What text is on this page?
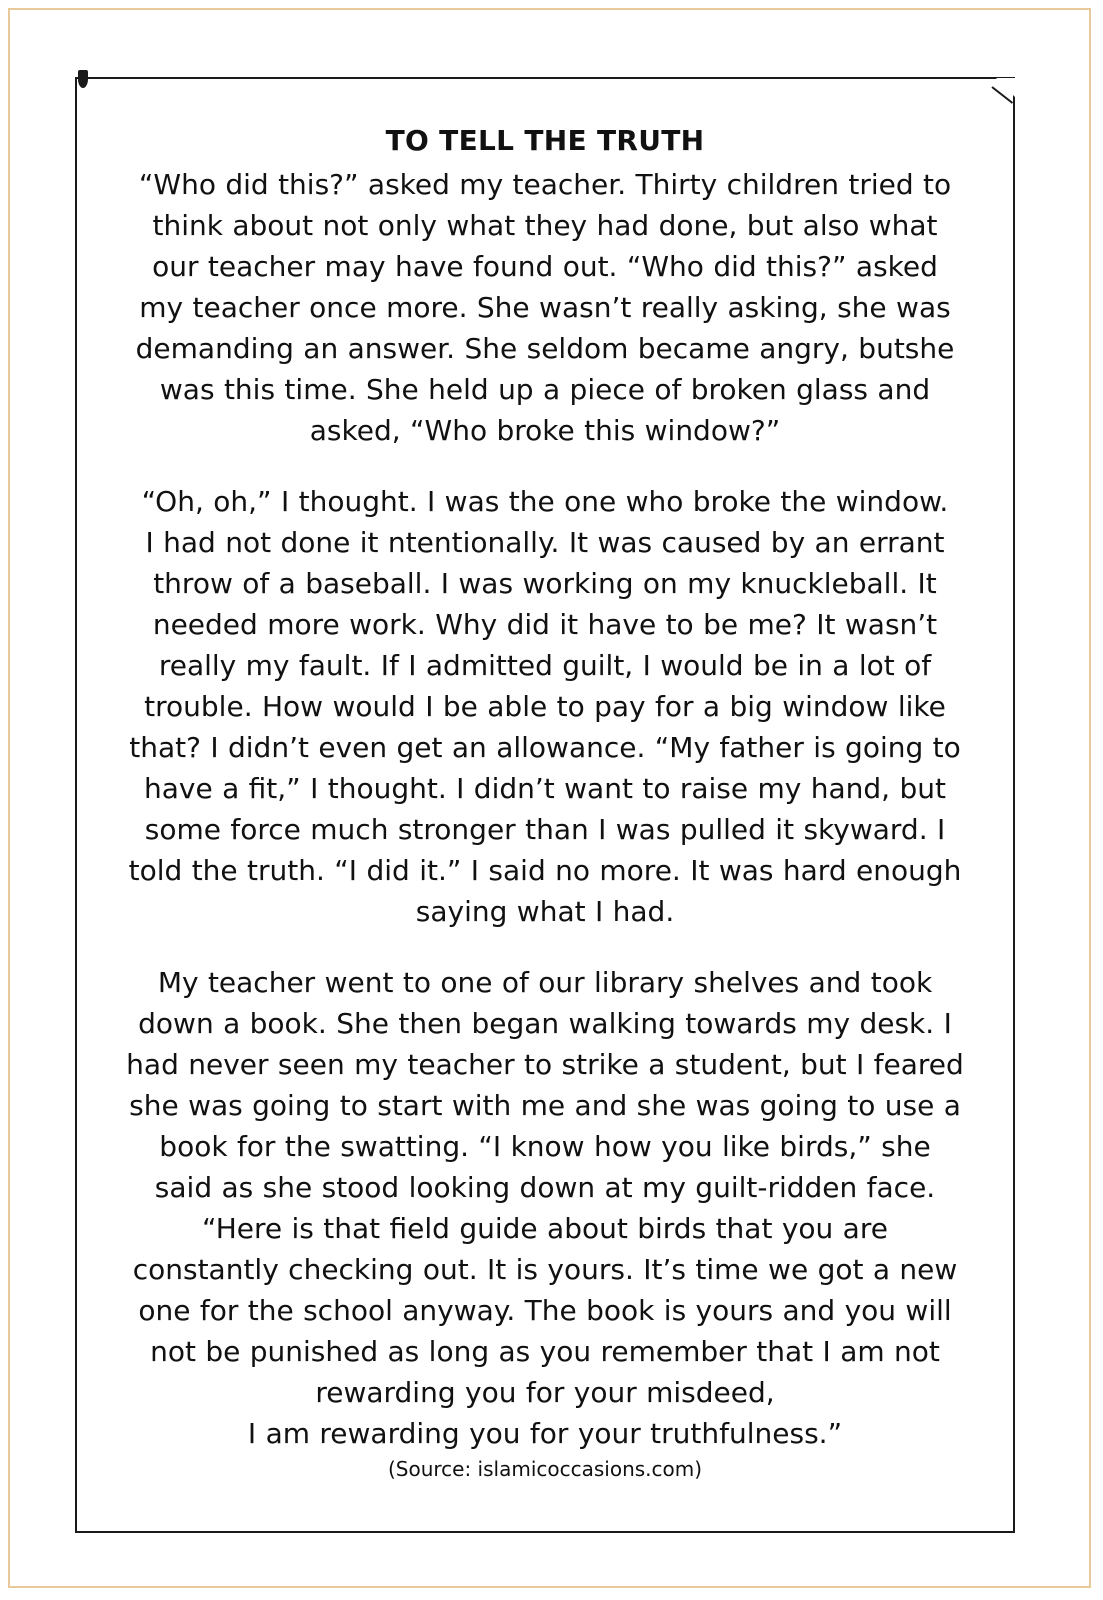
TO TELL THE TRUTH

“Who did this?” asked my teacher. Thirty children tried to
think about not only what they had done, but also what
our teacher may have found out. “Who did this?” asked
my teacher once more. She wasn’t really asking, she was
demanding an answer. She seldom became angry, butshe
was this time. She held up a piece of broken glass and
asked, “Who broke this window?”

“Oh, oh,” I thought. I was the one who broke the window.
I had not done it ntentionally. It was caused by an errant
throw of a baseball. I was working on my knuckleball. It
needed more work. Why did it have to be me? It wasn’t
really my fault. If I admitted guilt, I would be in a lot of
trouble. How would I be able to pay for a big window like
that? I didn’t even get an allowance. “My father is going to
have a fit,” I thought. I didn’t want to raise my hand, but
some force much stronger than I was pulled it skyward. I
told the truth. “I did it.” I said no more. It was hard enough
saying what I had.

My teacher went to one of our library shelves and took
down a book. She then began walking towards my desk. I
had never seen my teacher to strike a student, but I feared
she was going to start with me and she was going to use a
book for the swatting. “I know how you like birds,” she
said as she stood looking down at my guilt-ridden face.
“Here is that field guide about birds that you are
constantly checking out. It is yours. It’s time we got a new
one for the school anyway. The book is yours and you will
not be punished as long as you remember that I am not
rewarding you for your misdeed,
I am rewarding you for your truthfulness.”

(Source: islamicoccasions.com)
